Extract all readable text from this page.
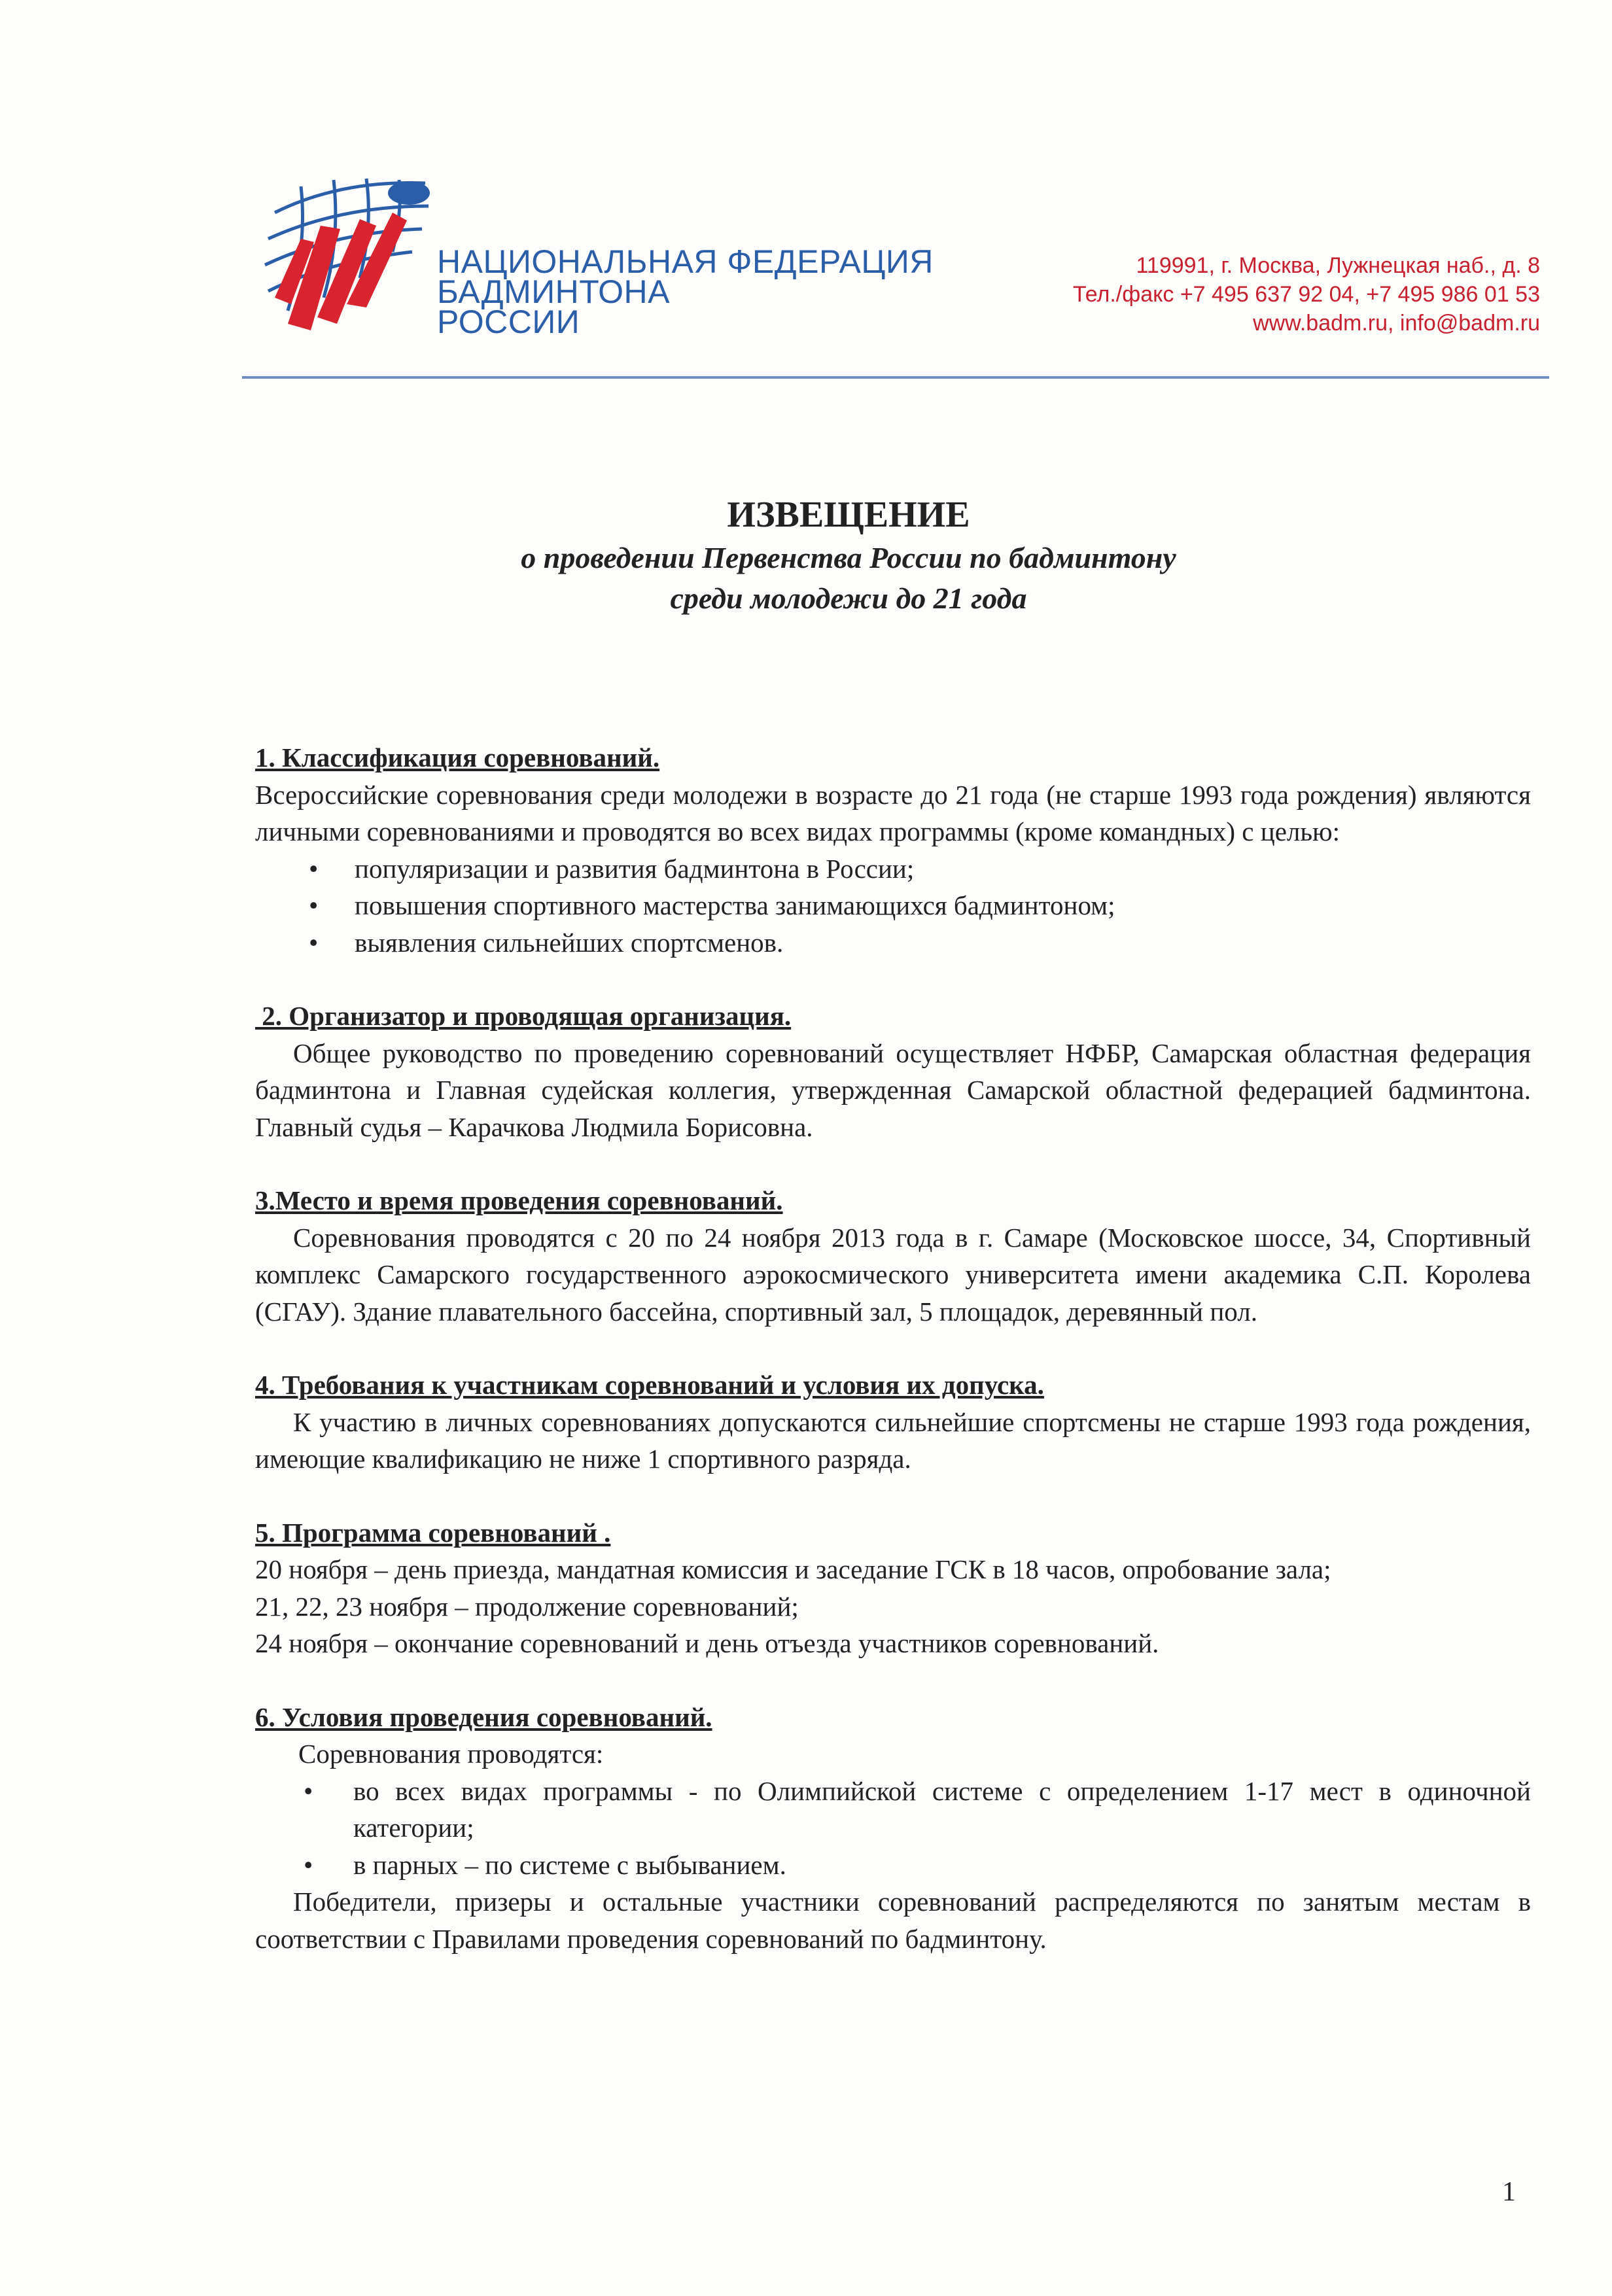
НАЦИОНАЛЬНАЯ ФЕДЕРАЦИЯ
БАДМИНТОНА
РОССИИ
119991, г. Москва, Лужнецкая наб., д. 8
Тел./факс +7 495 637 92 04, +7 495 986 01 53
www.badm.ru, info@badm.ru
ИЗВЕЩЕНИЕ
о проведении Первенства России по бадминтону
среди молодежи до 21 года
1. Классификация соревнований.
Всероссийские соревнования среди молодежи в возрасте до 21 года (не старше 1993 года рождения) являются личными соревнованиями и проводятся во всех видах программы (кроме командных) с целью:
• популяризации и развития бадминтона в России;
• повышения спортивного мастерства занимающихся бадминтоном;
• выявления сильнейших спортсменов.
2. Организатор и проводящая организация.
Общее руководство по проведению соревнований осуществляет НФБР, Самарская областная федерация бадминтона и Главная судейская коллегия, утвержденная Самарской областной федерацией бадминтона. Главный судья – Карачкова Людмила Борисовна.
3.Место и время проведения соревнований.
Соревнования проводятся с 20 по 24 ноября 2013 года в г. Самаре (Московское шоссе, 34, Спортивный комплекс Самарского государственного аэрокосмического университета имени академика С.П. Королева (СГАУ). Здание плавательного бассейна, спортивный зал, 5 площадок, деревянный пол.
4. Требования к участникам соревнований и условия их допуска.
К участию в личных соревнованиях допускаются сильнейшие спортсмены не старше 1993 года рождения, имеющие квалификацию не ниже 1 спортивного разряда.
5. Программа соревнований .
20 ноября – день приезда, мандатная комиссия и заседание ГСК в 18 часов, опробование зала;
21, 22, 23 ноября – продолжение соревнований;
24 ноября – окончание соревнований и день отъезда участников соревнований.
6. Условия проведения соревнований.
Соревнования проводятся:
• во всех видах программы - по Олимпийской системе с определением 1-17 мест в одиночной категории;
• в парных – по системе с выбыванием.
Победители, призеры и остальные участники соревнований распределяются по занятым местам в соответствии с Правилами проведения соревнований по бадминтону.
1
